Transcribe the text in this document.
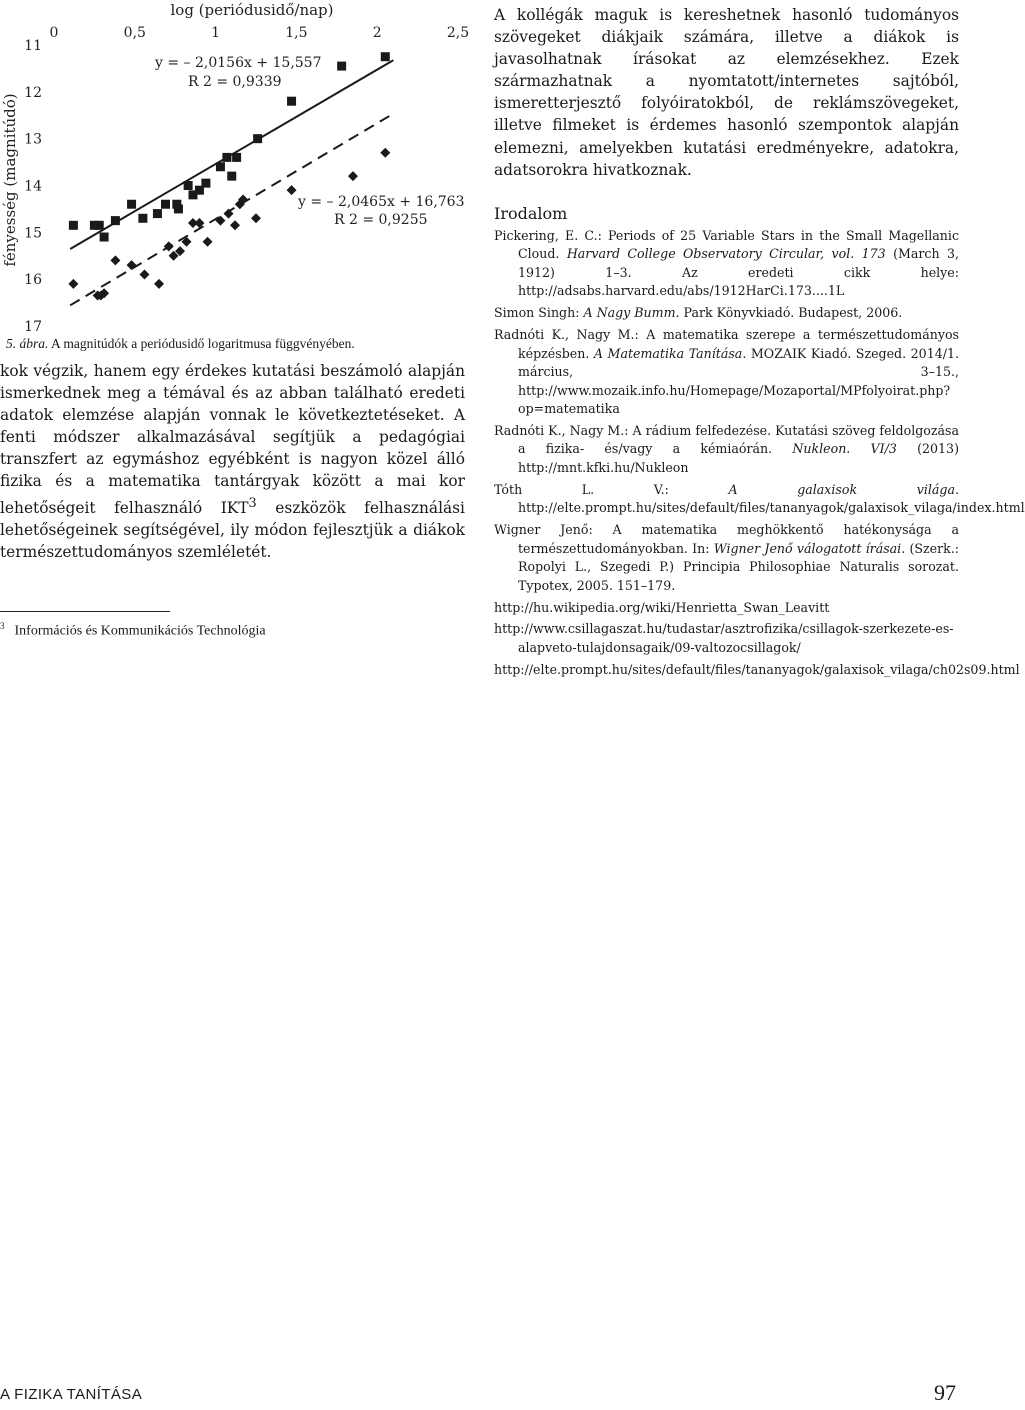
log (periódusidő/nap)
0	0,5	1	1,5	2	2,5
11
12
13
14
15
16
17
fényesség (magnitúdó)
y = – 2,0156x + 15,557
R 2 = 0,9339
y = – 2,0465x + 16,763
R 2 = 0,9255
5. ábra. A magnitúdók a periódusidő logaritmusa függvényében.

kok végzik, hanem egy érdekes kutatási beszámoló alapján ismerkednek meg a témával és az abban található eredeti adatok elemzése alapján vonnak le következtetéseket. A fenti módszer alkalmazásával segítjük a pedagógiai transzfert az egymáshoz egyébként is nagyon közel álló fizika és a matematika tantárgyak között a mai kor lehetőségeit felhasználó IKT$^3$ eszközök felhasználási lehetőségeinek segítségével, ily módon fejlesztjük a diákok természettudományos szemléletét.

$^3$ Információs és Kommunikációs Technológia

A kollégák maguk is kereshetnek hasonló tudományos szövegeket diákjaik számára, illetve a diákok is javasolhatnak írásokat az elemzésekhez. Ezek származhatnak a nyomtatott/internetes sajtóból, ismeretterjesztő folyóiratokból, de reklámszövegeket, illetve filmeket is érdemes hasonló szempontok alapján elemezni, amelyekben kutatási eredményekre, adatokra, adatsorokra hivatkoznak.

Irodalom

Pickering, E. C.: Periods of 25 Variable Stars in the Small Magellanic Cloud. Harvard College Observatory Circular, vol. 173 (March 3, 1912) 1–3. Az eredeti cikk helye: http://adsabs.harvard.edu/abs/1912HarCi.173....1L

Simon Singh: A Nagy Bumm. Park Könyvkiadó. Budapest, 2006.

Radnóti K., Nagy M.: A matematika szerepe a természettudományos képzésben. A Matematika Tanítása. MOZAIK Kiadó. Szeged. 2014/1. március, 3–15., http://www.mozaik.info.hu/Homepage/Mozaportal/MPfolyoirat.php?op=matematika

Radnóti K., Nagy M.: A rádium felfedezése. Kutatási szöveg feldolgozása a fizika- és/vagy a kémiaórán. Nukleon. VI/3 (2013) http://mnt.kfki.hu/Nukleon

Tóth L. V.: A galaxisok világa. http://elte.prompt.hu/sites/default/files/tananyagok/galaxisok_vilaga/index.html

Wigner Jenő: A matematika meghökkentő hatékonysága a természettudományokban. In: Wigner Jenő válogatott írásai. (Szerk.: Ropolyi L., Szegedi P.) Principia Philosophiae Naturalis sorozat. Typotex, 2005. 151–179.

http://hu.wikipedia.org/wiki/Henrietta_Swan_Leavitt

http://www.csillagaszat.hu/tudastar/asztrofizika/csillagok-szerkezete-es-alapveto-tulajdonsagaik/09-valtozocsillagok/

http://elte.prompt.hu/sites/default/files/tananyagok/galaxisok_vilaga/ch02s09.html

A FIZIKA TANÍTÁSA	97
